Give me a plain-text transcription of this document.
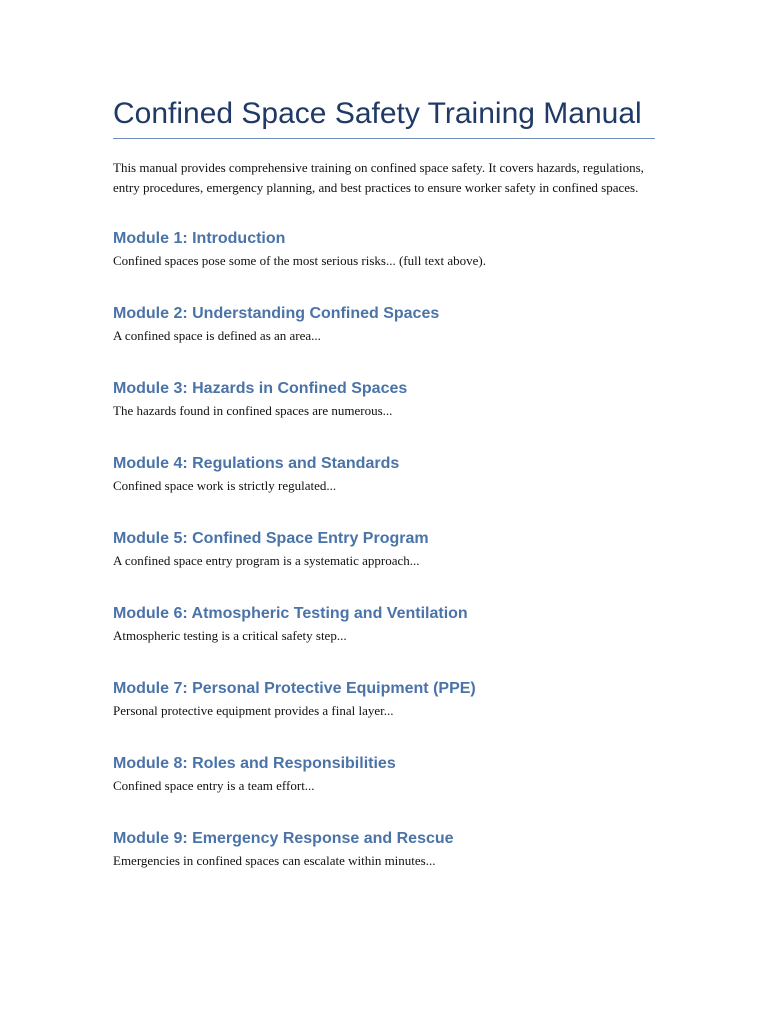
Confined Space Safety Training Manual

This manual provides comprehensive training on confined space safety. It covers hazards, regulations, entry procedures, emergency planning, and best practices to ensure worker safety in confined spaces.

Module 1: Introduction

Confined spaces pose some of the most serious risks... (full text above).

Module 2: Understanding Confined Spaces

A confined space is defined as an area...

Module 3: Hazards in Confined Spaces

The hazards found in confined spaces are numerous...

Module 4: Regulations and Standards

Confined space work is strictly regulated...

Module 5: Confined Space Entry Program

A confined space entry program is a systematic approach...

Module 6: Atmospheric Testing and Ventilation

Atmospheric testing is a critical safety step...

Module 7: Personal Protective Equipment (PPE)

Personal protective equipment provides a final layer...

Module 8: Roles and Responsibilities

Confined space entry is a team effort...

Module 9: Emergency Response and Rescue

Emergencies in confined spaces can escalate within minutes...
